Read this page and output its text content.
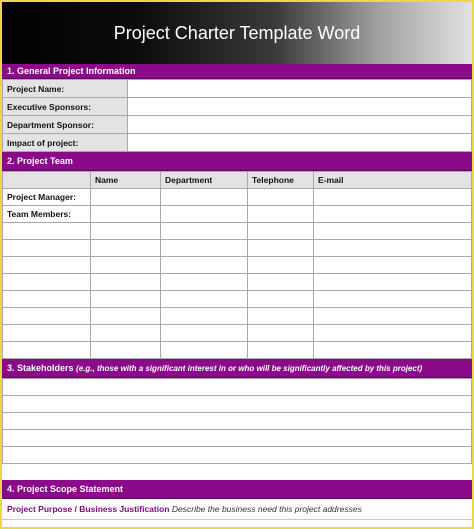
Project Charter Template Word
1. General Project Information
Project Name:	
Executive Sponsors:	
Department Sponsor:	
Impact of project:	
2. Project Team
	Name	Department	Telephone	E-mail
Project Manager:				
Team Members:				

3. Stakeholders (e.g., those with a significant interest in or who will be significantly affected by this project)

4. Project Scope Statement
Project Purpose / Business Justification Describe the business need this project addresses
